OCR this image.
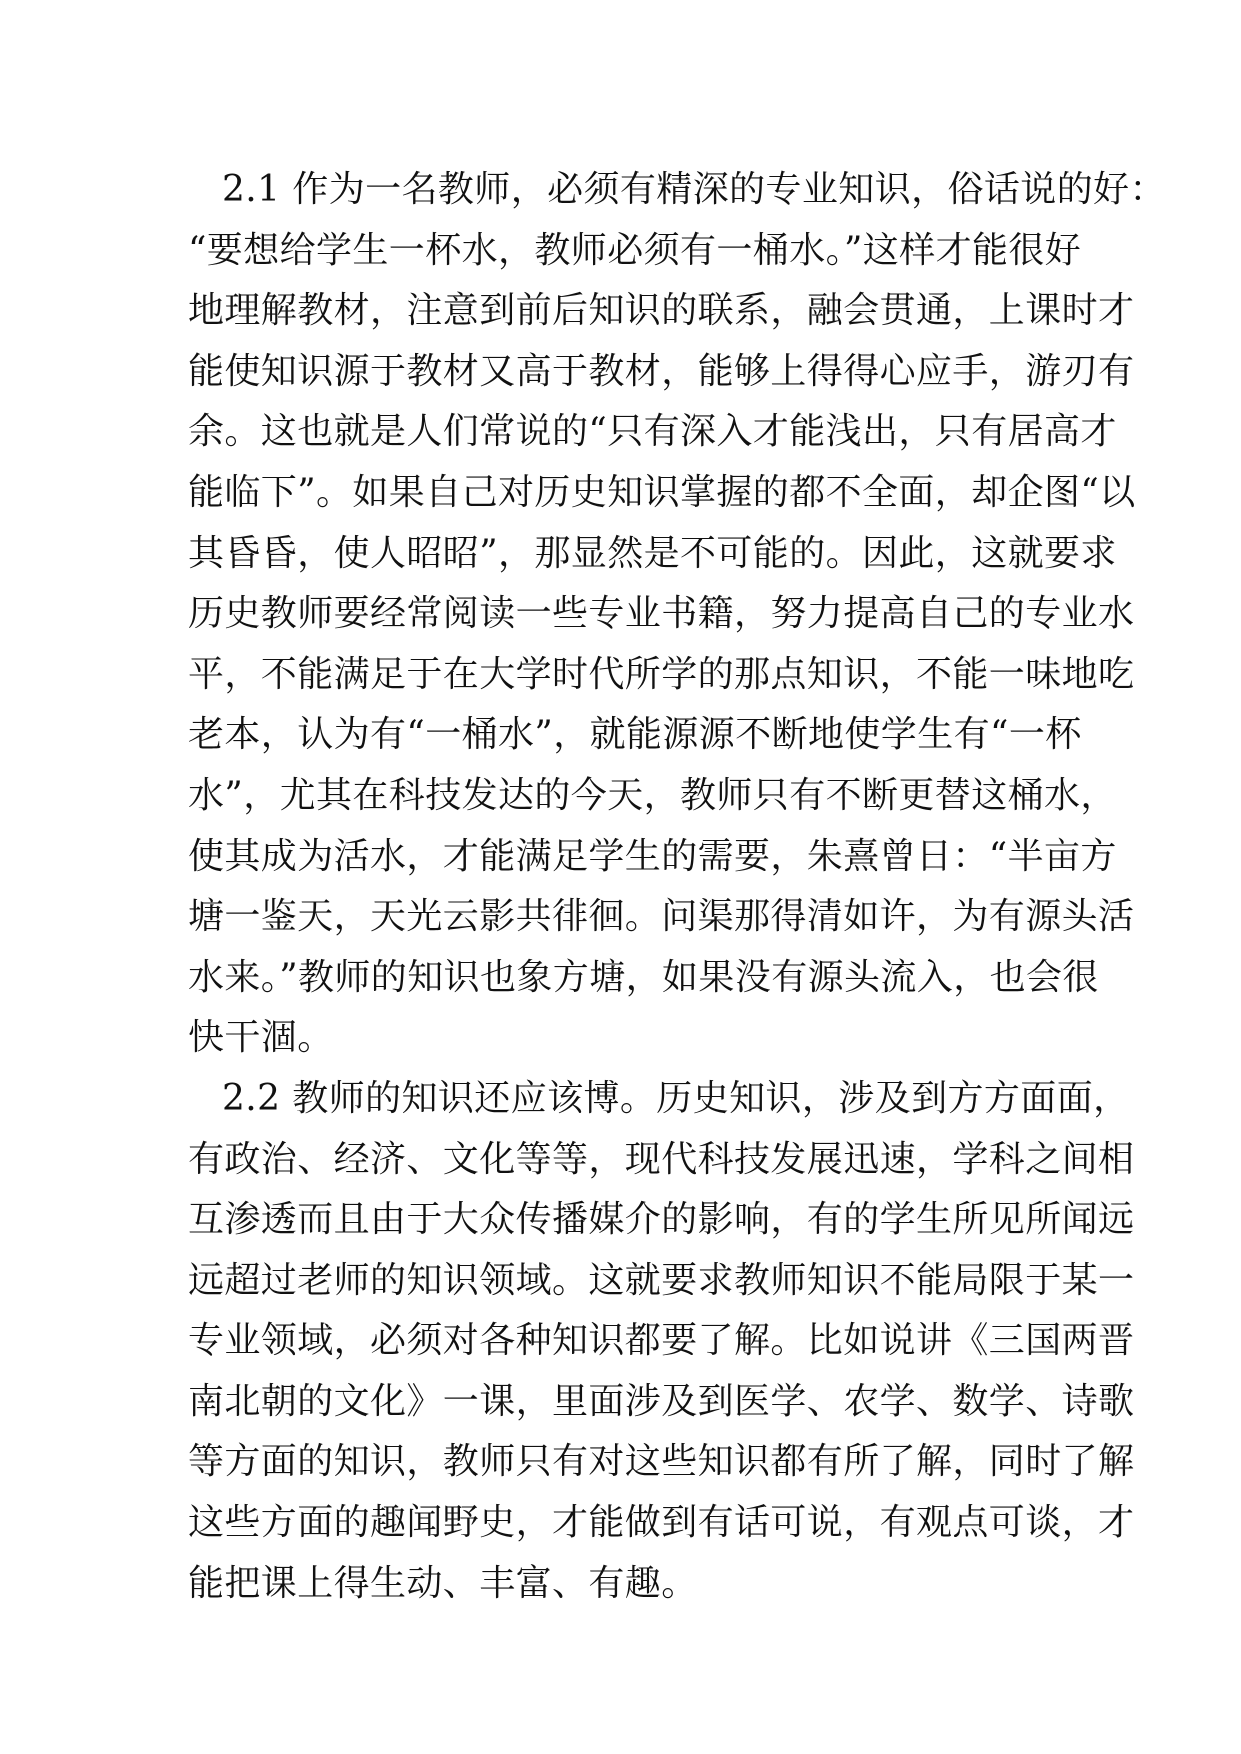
2.1 作为一名教师，必须有精深的专业知识，俗话说的好：
“要想给学生一杯水，教师必须有一桶水。”这样才能很好
地理解教材，注意到前后知识的联系，融会贯通，上课时才
能使知识源于教材又高于教材，能够上得得心应手，游刃有
余。这也就是人们常说的“只有深入才能浅出，只有居高才
能临下”。如果自己对历史知识掌握的都不全面，却企图“以
其昏昏，使人昭昭”，那显然是不可能的。因此，这就要求
历史教师要经常阅读一些专业书籍，努力提高自己的专业水
平，不能满足于在大学时代所学的那点知识，不能一味地吃
老本，认为有“一桶水”，就能源源不断地使学生有“一杯
水”，尤其在科技发达的今天，教师只有不断更替这桶水，
使其成为活水，才能满足学生的需要，朱熹曾日：“半亩方
塘一鉴天，天光云影共徘徊。问渠那得清如许，为有源头活
水来。”教师的知识也象方塘，如果没有源头流入，也会很
快干涸。
2.2 教师的知识还应该博。历史知识，涉及到方方面面，
有政治、经济、文化等等，现代科技发展迅速，学科之间相
互渗透而且由于大众传播媒介的影响，有的学生所见所闻远
远超过老师的知识领域。这就要求教师知识不能局限于某一
专业领域，必须对各种知识都要了解。比如说讲《三国两晋
南北朝的文化》一课，里面涉及到医学、农学、数学、诗歌
等方面的知识，教师只有对这些知识都有所了解，同时了解
这些方面的趣闻野史，才能做到有话可说，有观点可谈，才
能把课上得生动、丰富、有趣。
